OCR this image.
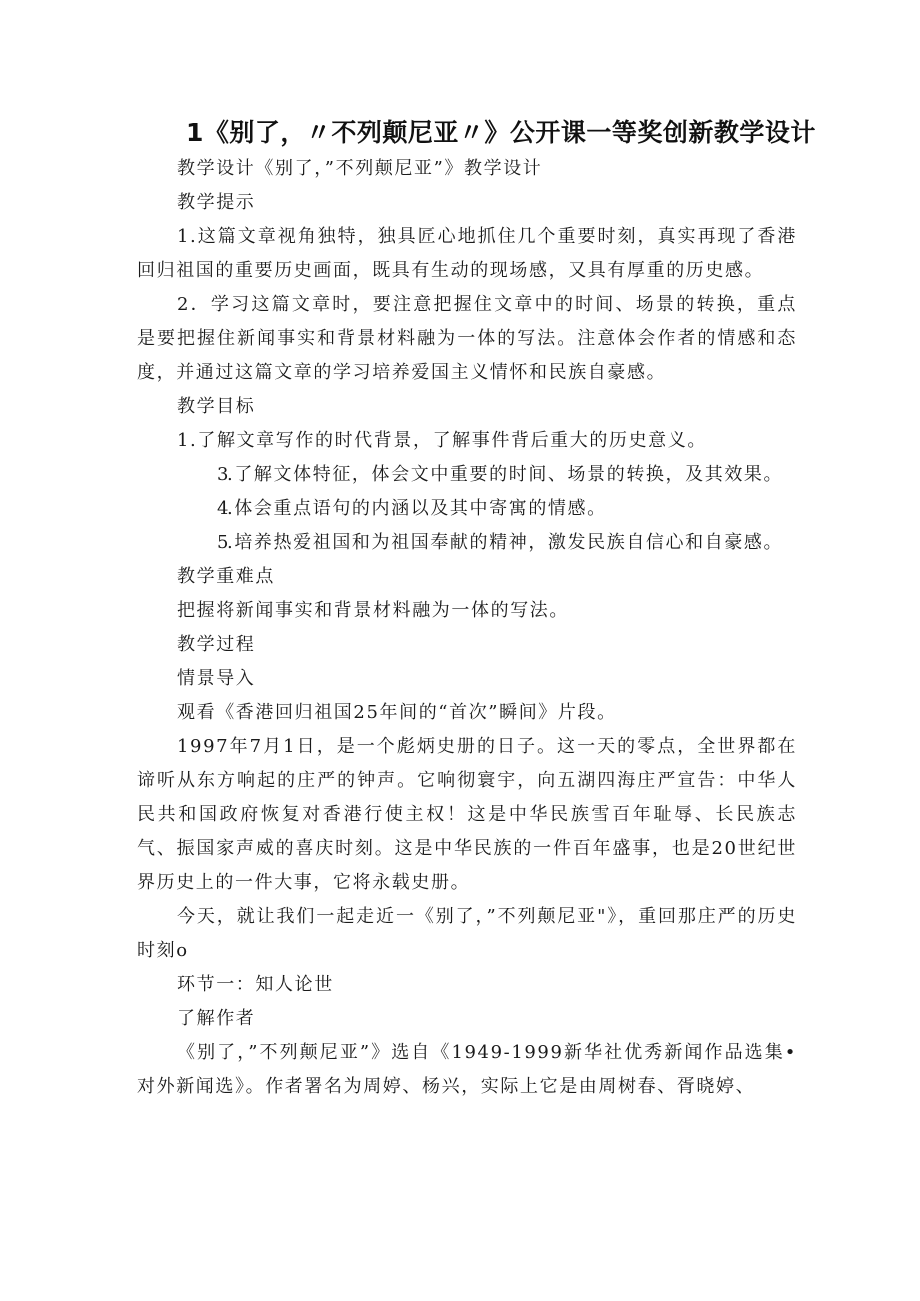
1《别了，〃不列颠尼亚〃》公开课一等奖创新教学设计

教学设计《别了，”不列颠尼亚”》教学设计

教学提示

1.这篇文章视角独特，独具匠心地抓住几个重要时刻，真实再现了香港回归祖国的重要历史画面，既具有生动的现场感，又具有厚重的历史感。

2．学习这篇文章时，要注意把握住文章中的时间、场景的转换，重点是要把握住新闻事实和背景材料融为一体的写法。注意体会作者的情感和态度，并通过这篇文章的学习培养爱国主义情怀和民族自豪感。

教学目标

1.了解文章写作的时代背景，了解事件背后重大的历史意义。

3.了解文体特征，体会文中重要的时间、场景的转换，及其效果。

4.体会重点语句的内涵以及其中寄寓的情感。

5.培养热爱祖国和为祖国奉献的精神，激发民族自信心和自豪感。

教学重难点

把握将新闻事实和背景材料融为一体的写法。

教学过程

情景导入

观看《香港回归祖国25年间的“首次”瞬间》片段。

1997年7月1日，是一个彪炳史册的日子。这一天的零点，全世界都在谛听从东方响起的庄严的钟声。它响彻寰宇，向五湖四海庄严宣告：中华人民共和国政府恢复对香港行使主权！这是中华民族雪百年耻辱、长民族志气、振国家声威的喜庆时刻。这是中华民族的一件百年盛事，也是20世纪世界历史上的一件大事，它将永载史册。

今天，就让我们一起走近一《别了，”不列颠尼亚"》，重回那庄严的历史时刻o

环节一：知人论世

了解作者

《别了，”不列颠尼亚”》选自《1949-1999新华社优秀新闻作品选集•对外新闻选》。作者署名为周婷、杨兴，实际上它是由周树春、胥晓婷、
